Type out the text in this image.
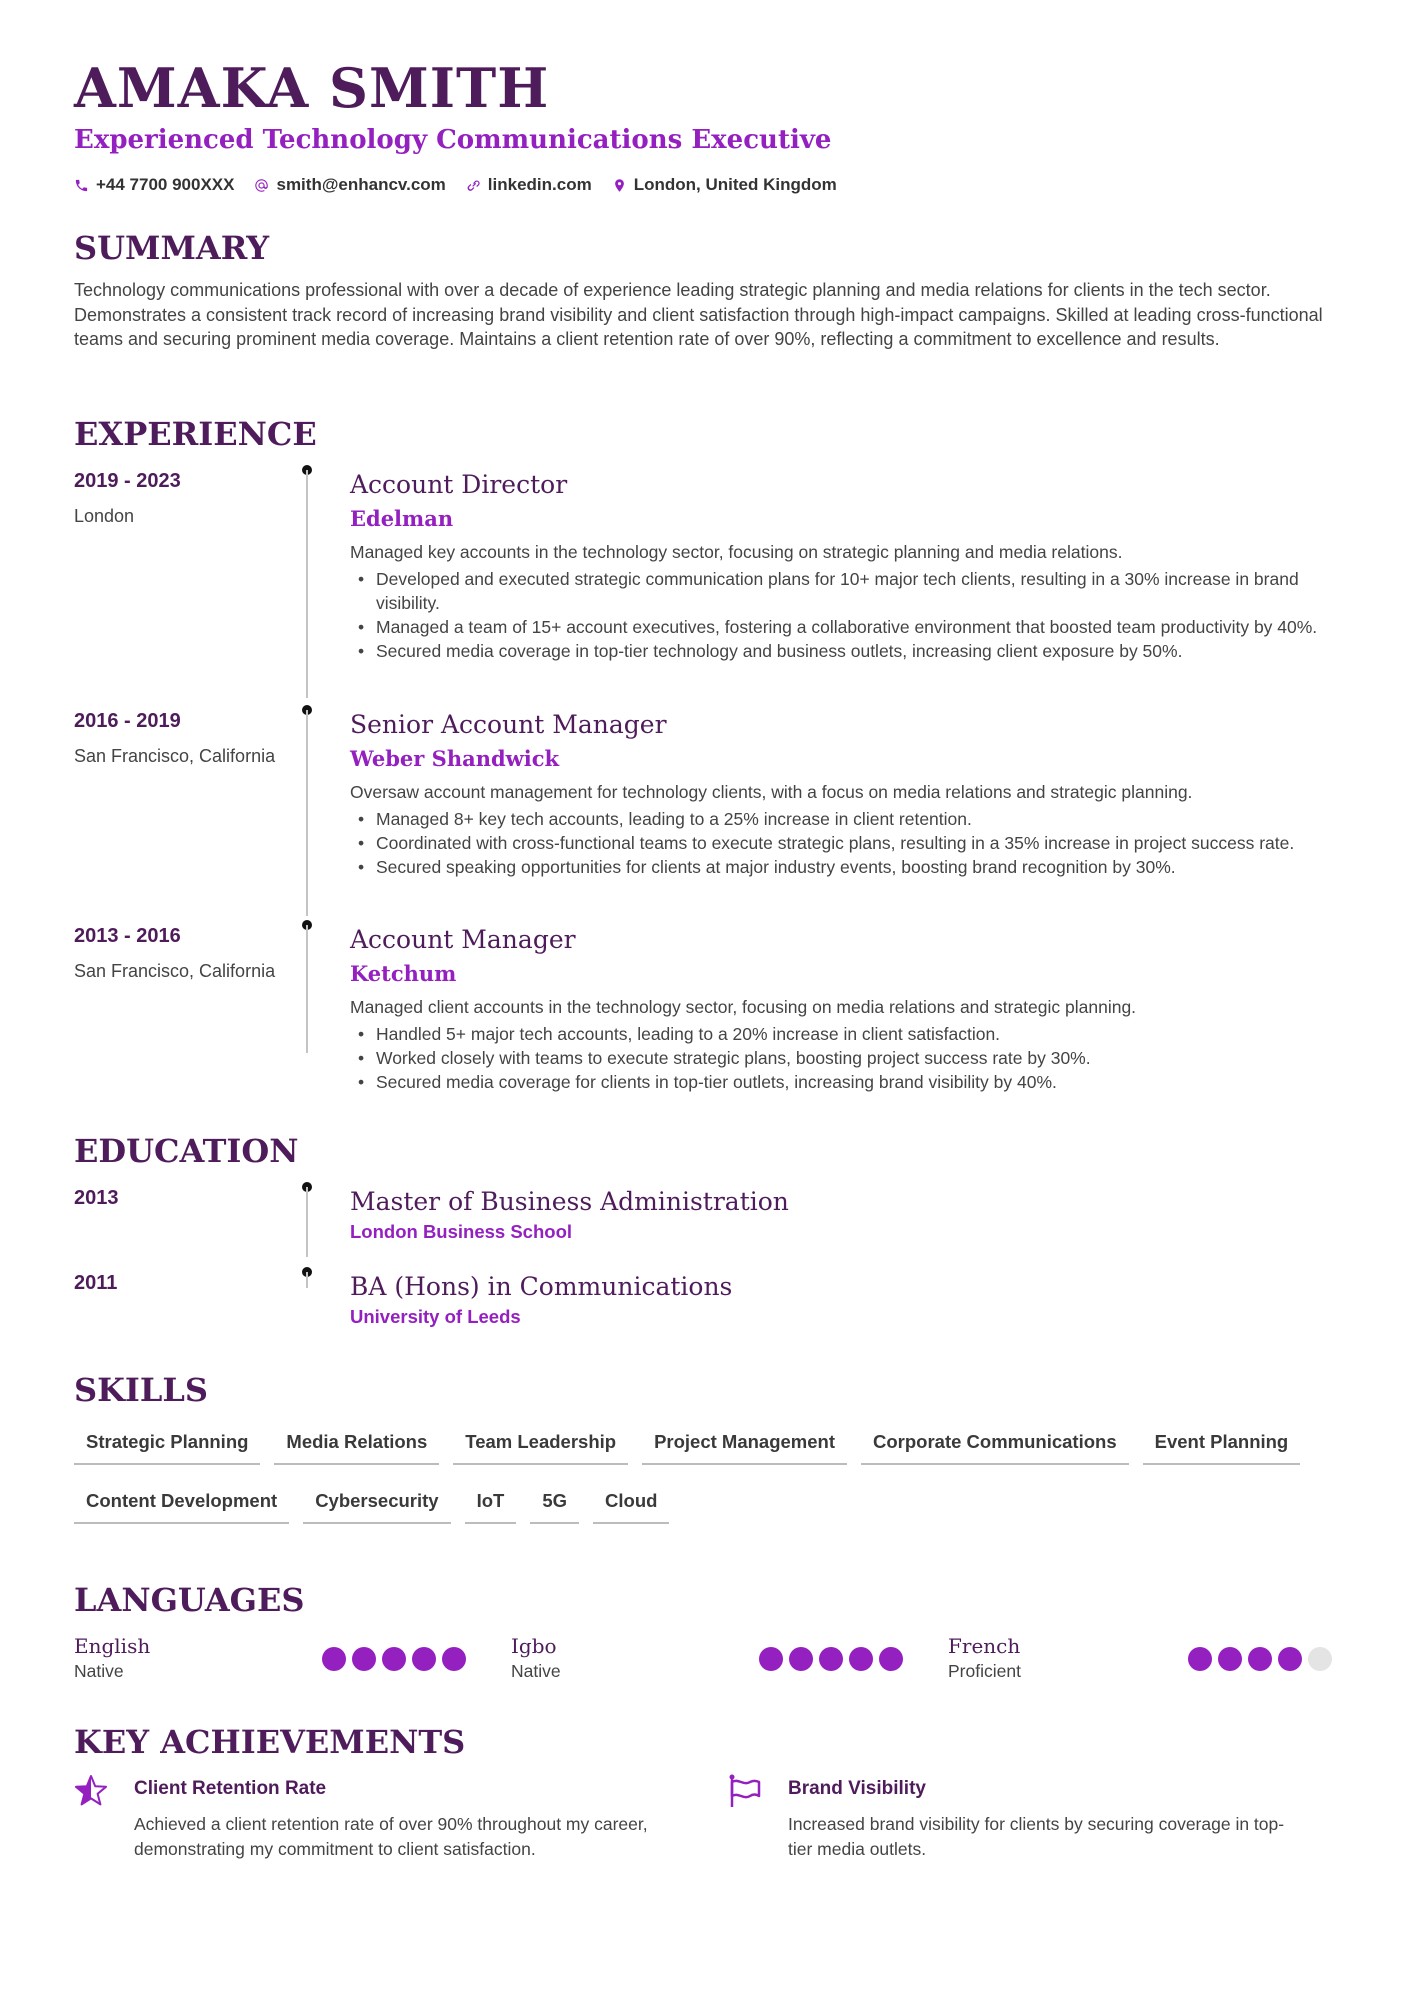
AMAKA SMITH
Experienced Technology Communications Executive
+44 7700 900XXX smith@enhancv.com linkedin.com London, United Kingdom
SUMMARY
Technology communications professional with over a decade of experience leading strategic planning and media relations for clients in the tech sector. Demonstrates a consistent track record of increasing brand visibility and client satisfaction through high-impact campaigns. Skilled at leading cross-functional teams and securing prominent media coverage. Maintains a client retention rate of over 90%, reflecting a commitment to excellence and results.
EXPERIENCE
2019 - 2023
London
Account Director
Edelman
Managed key accounts in the technology sector, focusing on strategic planning and media relations.
• Developed and executed strategic communication plans for 10+ major tech clients, resulting in a 30% increase in brand visibility.
• Managed a team of 15+ account executives, fostering a collaborative environment that boosted team productivity by 40%.
• Secured media coverage in top-tier technology and business outlets, increasing client exposure by 50%.
2016 - 2019
San Francisco, California
Senior Account Manager
Weber Shandwick
Oversaw account management for technology clients, with a focus on media relations and strategic planning.
• Managed 8+ key tech accounts, leading to a 25% increase in client retention.
• Coordinated with cross-functional teams to execute strategic plans, resulting in a 35% increase in project success rate.
• Secured speaking opportunities for clients at major industry events, boosting brand recognition by 30%.
2013 - 2016
San Francisco, California
Account Manager
Ketchum
Managed client accounts in the technology sector, focusing on media relations and strategic planning.
• Handled 5+ major tech accounts, leading to a 20% increase in client satisfaction.
• Worked closely with teams to execute strategic plans, boosting project success rate by 30%.
• Secured media coverage for clients in top-tier outlets, increasing brand visibility by 40%.
EDUCATION
2013	Master of Business Administration
London Business School
2011	BA (Hons) in Communications
University of Leeds
SKILLS
Strategic Planning	Media Relations	Team Leadership	Project Management	Corporate Communications	Event Planning
Content Development	Cybersecurity	IoT	5G	Cloud
LANGUAGES
English
Native
Igbo
Native
French
Proficient
KEY ACHIEVEMENTS
Client Retention Rate
Achieved a client retention rate of over 90% throughout my career, demonstrating my commitment to client satisfaction.
Brand Visibility
Increased brand visibility for clients by securing coverage in top-tier media outlets.
